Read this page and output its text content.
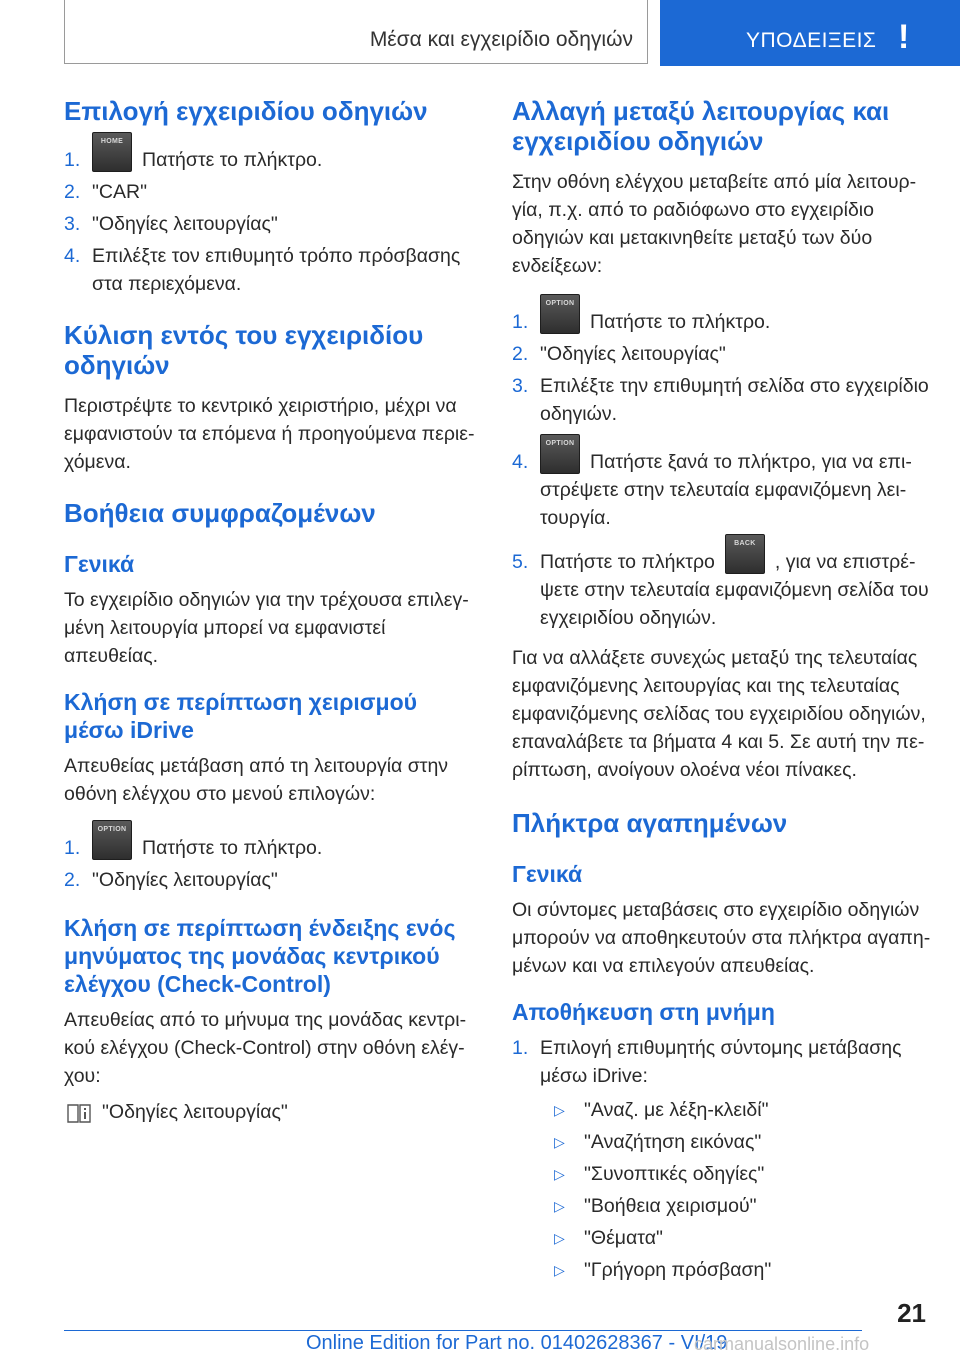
Μέσα και εγχειρίδιο οδηγιών	ΥΠΟΔΕΙΞΕΙΣ !
Επιλογή εγχειριδίου οδηγιών
1.
HOMEΠατήστε το πλήκτρο.
2. "CAR"
3. "Οδηγίες λειτουργίας"
4. Επιλέξτε τον επιθυμητό τρόπο πρόσβασης στα περιεχόμενα.
Κύλιση εντός του εγχειριδίου οδηγιών

Περιστρέψτε το κεντρικό χειριστήριο, μέχρι να εμφανιστούν τα επόμενα ή προηγούμενα περιε‐χόμενα.

Βοήθεια συμφραζομένων
Γενικά

Το εγχειρίδιο οδηγιών για την τρέχουσα επιλεγ‐μένη λειτουργία μπορεί να εμφανιστεί απευθείας.

Κλήση σε περίπτωση χειρισμού μέσω iDrive

Απευθείας μετάβαση από τη λειτουργία στην οθόνη ελέγχου στο μενού επιλογών:

1.
OPTIONΠατήστε το πλήκτρο.
2. "Οδηγίες λειτουργίας"
Κλήση σε περίπτωση ένδειξης ενός μηνύματος της μονάδας κεντρικού ελέγχου (Check-Control)

Απευθείας από το μήνυμα της μονάδας κεντρι‐κού ελέγχου (Check-Control) στην οθόνη ελέγ‐χου:

"Οδηγίες λειτουργίας"
Αλλαγή μεταξύ λειτουργίας και εγχειριδίου οδηγιών

Στην οθόνη ελέγχου μεταβείτε από μία λειτουρ‐γία, π.χ. από το ραδιόφωνο στο εγχειρίδιο οδηγιών και μετακινηθείτε μεταξύ των δύο ενδείξεων:

1.
OPTIONΠατήστε το πλήκτρο.
2. "Οδηγίες λειτουργίας"
3. Επιλέξτε την επιθυμητή σελίδα στο εγχειρίδιο οδηγιών.
4.
OPTIONΠατήστε ξανά το πλήκτρο, για να επι‐στρέψετε στην τελευταία εμφανιζόμενη λει‐τουργία.
5. Πατήστε το πλήκτροBACK, για να επιστρέ‐ψετε στην τελευταία εμφανιζόμενη σελίδα του εγχειριδίου οδηγιών.

Για να αλλάξετε συνεχώς μεταξύ της τελευταίας εμφανιζόμενης λειτουργίας και της τελευταίας εμφανιζόμενης σελίδας του εγχειριδίου οδηγιών, επαναλάβετε τα βήματα 4 και 5. Σε αυτή την πε‐ρίπτωση, ανοίγουν ολοένα νέοι πίνακες.

Πλήκτρα αγαπημένων
Γενικά

Οι σύντομες μεταβάσεις στο εγχειρίδιο οδηγιών μπορούν να αποθηκευτούν στα πλήκτρα αγαπη‐μένων και να επιλεγούν απευθείας.

Αποθήκευση στη μνήμη
1. Επιλογή επιθυμητής σύντομης μετάβασης μέσω iDrive:
▷ "Αναζ. με λέξη-κλειδί"
▷ "Αναζήτηση εικόνας"
▷ "Συνοπτικές οδηγίες"
▷ "Βοήθεια χειρισμού"
▷ "Θέματα"
▷ "Γρήγορη πρόσβαση"
21
Online Edition for Part no. 01402628367 - VI/19
carmanualsonline.info
